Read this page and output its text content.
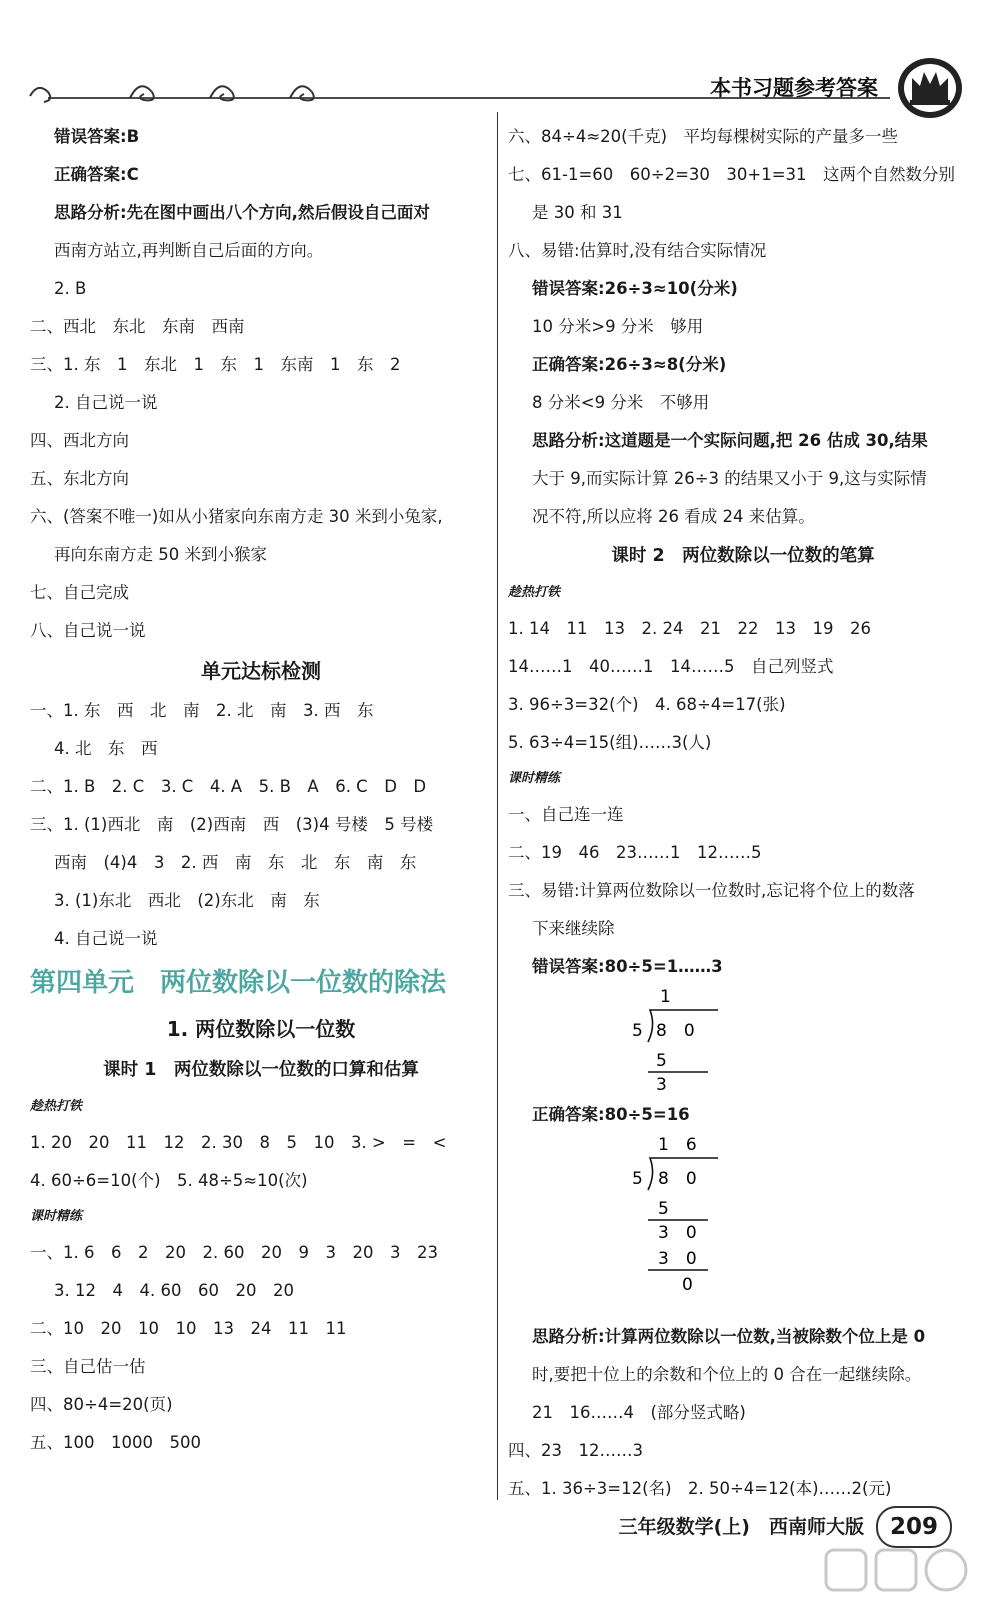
本书习题参考答案
错误答案:B
正确答案:C
思路分析:先在图中画出八个方向,然后假设自己面对
西南方站立,再判断自己后面的方向。
2. B
二、西北　东北　东南　西南
三、1. 东　1　东北　1　东　1　东南　1　东　2
2. 自己说一说
四、西北方向
五、东北方向
六、(答案不唯一)如从小猪家向东南方走 30 米到小兔家,
再向东南方走 50 米到小猴家
七、自己完成
八、自己说一说
单元达标检测
一、1. 东　西　北　南　2. 北　南　3. 西　东
4. 北　东　西
二、1. B　2. C　3. C　4. A　5. B　A　6. C　D　D
三、1. (1)西北　南　(2)西南　西　(3)4 号楼　5 号楼
西南　(4)4　3　2. 西　南　东　北　东　南　东
3. (1)东北　西北　(2)东北　南　东
4. 自己说一说
第四单元　两位数除以一位数的除法
1. 两位数除以一位数
课时 1　两位数除以一位数的口算和估算
趁热打铁
1. 20　20　11　12　2. 30　8　5　10　3. >　=　<
4. 60÷6=10(个)　5. 48÷5≈10(次)
课时精练
一、1. 6　6　2　20　2. 60　20　9　3　20　3　23
3. 12　4　4. 60　60　20　20
二、10　20　10　10　13　24　11　11
三、自己估一估
四、80÷4=20(页)
五、100　1000　500
六、84÷4≈20(千克)　平均每棵树实际的产量多一些
七、61-1=60　60÷2=30　30+1=31　这两个自然数分别
是 30 和 31
八、易错:估算时,没有结合实际情况
错误答案:26÷3≈10(分米)
10 分米>9 分米　够用
正确答案:26÷3≈8(分米)
8 分米<9 分米　不够用
思路分析:这道题是一个实际问题,把 26 估成 30,结果
大于 9,而实际计算 26÷3 的结果又小于 9,这与实际情
况不符,所以应将 26 看成 24 来估算。
课时 2　两位数除以一位数的笔算
趁热打铁
1. 14　11　13　2. 24　21　22　13　19　26
14……1　40……1　14……5　自己列竖式
3. 96÷3=32(个)　4. 68÷4=17(张)
5. 63÷4=15(组)……3(人)
课时精练
一、自己连一连
二、19　46　23……1　12……5
三、易错:计算两位数除以一位数时,忘记将个位上的数落
下来继续除
错误答案:80÷5=1……3
1
5 8　0
5
3
正确答案:80÷5=16
1　6
5 8　0
5
3　0
3　0
0
思路分析:计算两位数除以一位数,当被除数个位上是 0
时,要把十位上的余数和个位上的 0 合在一起继续除。
21　16……4　(部分竖式略)
四、23　12……3
五、1. 36÷3=12(名)　2. 50÷4=12(本)……2(元)
三年级数学(上)　西南师大版	209
